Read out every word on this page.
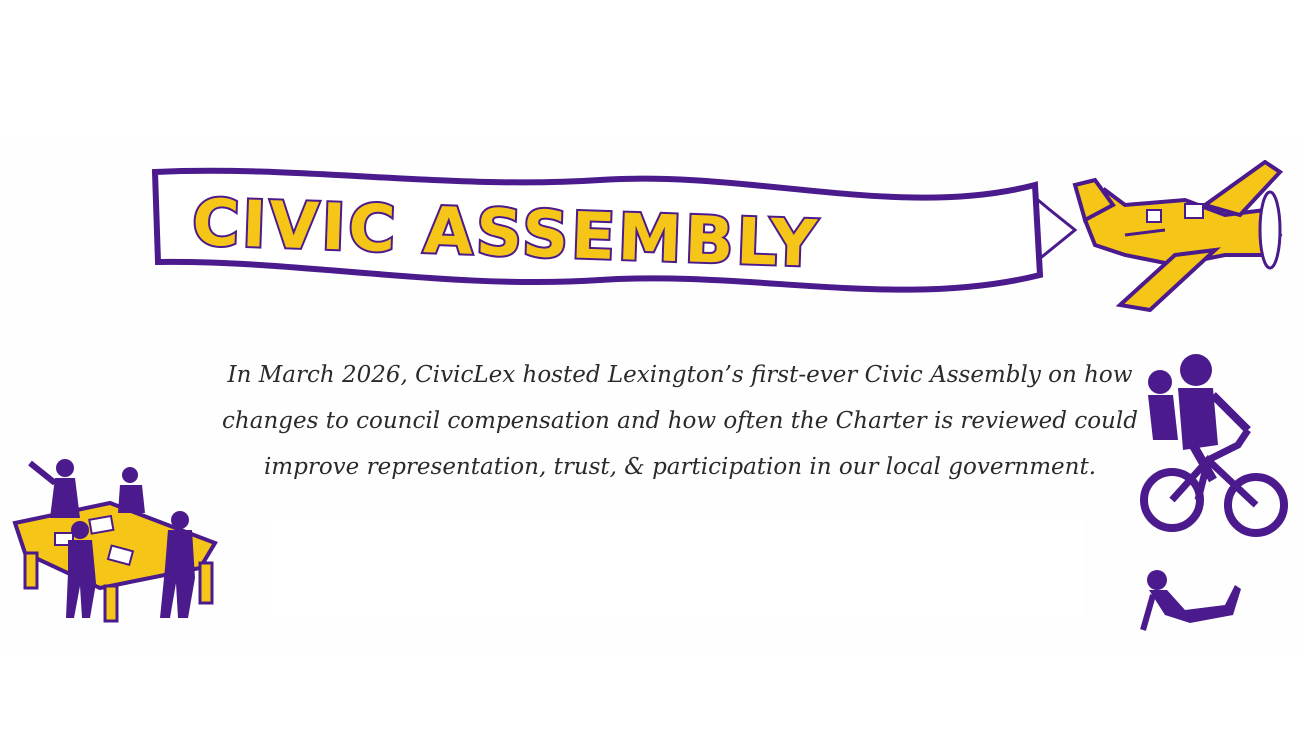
CIVIC ASSEMBLY

In March 2026, CivicLex hosted Lexington’s first-ever Civic Assembly on how changes to council compensation and how often the Charter is reviewed could improve representation, trust, & participation in our local government.
